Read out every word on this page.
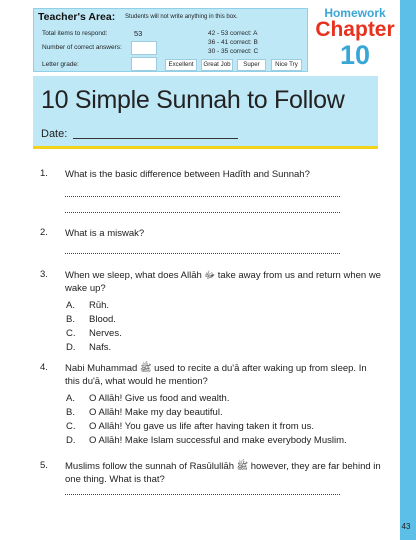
Teacher's Area: Students will not write anything in this box.
Total items to respond:	53
Number of correct answers:
Letter grade:
42 - 53 correct: A
36 - 41 correct: B
30 - 35 correct: C
Excellent	Great Job	Super	Nice Try
Homework
Chapter
10
10 Simple Sunnah to Follow
Date:
1. What is the basic difference between Hadīth and Sunnah?
2. What is a miswak?
3. When we sleep, what does Allāh ﷻ take away from us and return when we wake up?
A. Rūh.
B. Blood.
C. Nerves.
D. Nafs.
4. Nabi Muhammad ﷺ used to recite a du'ā after waking up from sleep. In this du'ā, what would he mention?
A. O Allāh! Give us food and wealth.
B. O Allāh! Make my day beautiful.
C. O Allāh! You gave us life after having taken it from us.
D. O Allāh! Make Islam successful and make everybody Muslim.
5. Muslims follow the sunnah of Rasūlullāh ﷺ however, they are far behind in one thing. What is that?
43
